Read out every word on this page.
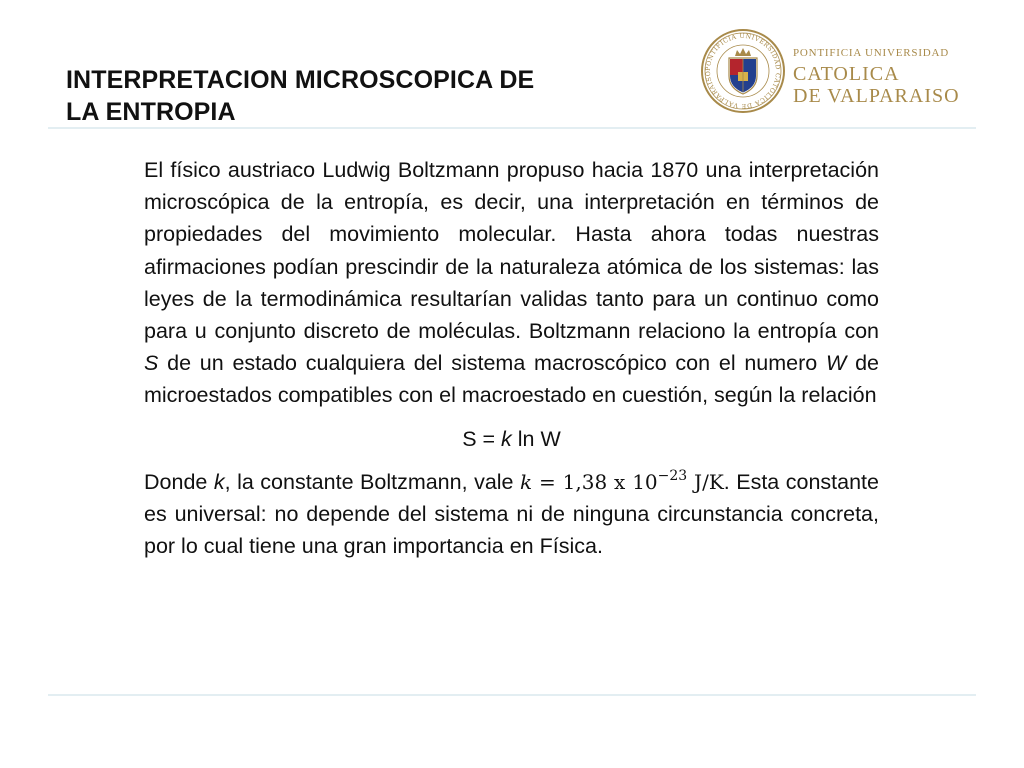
INTERPRETACION MICROSCOPICA DE
LA ENTROPIA
PONTIFICIA UNIVERSIDAD CATOLICA DE VALPARAISO
PONTIFICIA UNIVERSIDAD
CATOLICA
DE VALPARAISO

El físico austriaco Ludwig Boltzmann propuso hacia 1870 una interpretación microscópica de la entropía, es decir, una interpretación en términos de propiedades del movimiento molecular. Hasta ahora todas nuestras afirmaciones podían prescindir de la naturaleza atómica de los sistemas: las leyes de la termodinámica resultarían validas tanto para un continuo como para u conjunto discreto de moléculas. Boltzmann relaciono la entropía con S de un estado cualquiera del sistema macroscópico con el numero W de microestados compatibles con el macroestado en cuestión, según la relación

S = k ln W

Donde k, la constante Boltzmann, vale k = 1,38 x $10^{-23}$ J/K. Esta constante es universal: no depende del sistema ni de ninguna circunstancia concreta, por lo cual tiene una gran importancia en Física.
